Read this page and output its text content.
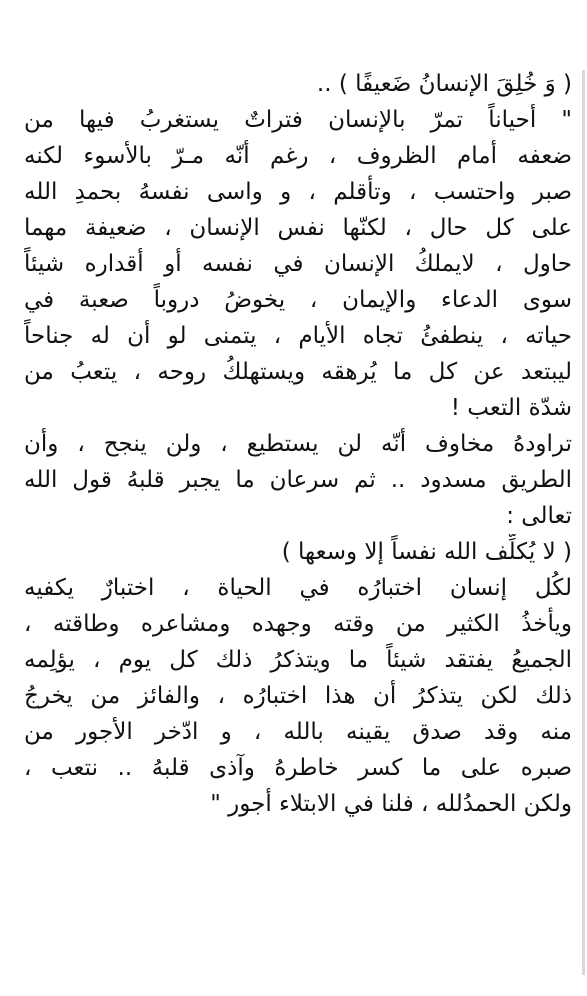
( وَ خُلِقَ الإنسانُ ضَعيفًا ) ..
" أحياناً تمرّ بالإنسان فتراتٌ يستغربُ فيها من
ضعفه أمام الظروف ، رغم أنّه مـرّ بالأسوء لكنه
صبر واحتسب ، وتأقلم ، و واسى نفسهُ بحمدِ الله
على كل حال ، لكنّها نفس الإنسان ، ضعيفة مهما
حاول ، لايملكُ الإنسان في نفسه أو أقداره شيئاً
سوى الدعاء والإيمان ، يخوضُ دروباً صعبة في
حياته ، ينطفئُ تجاه الأيام ، يتمنى لو أن له جناحاً
ليبتعد عن كل ما يُرهقه ويستهلكُ روحه ، يتعبُ من
شدّة التعب !
تراودهُ مخاوف أنّه لن يستطيع ، ولن ينجح ، وأن
الطريق مسدود .. ثم سرعان ما يجبر قلبهُ قول الله
تعالى :
( لا يُكلِّف الله نفساً إلا وسعها )
لكُل إنسان اختبارُه في الحياة ، اختبارٌ يكفيه
ويأخذُ الكثير من وقته وجهده ومشاعره وطاقته ،
الجميعُ يفتقد شيئاً ما ويتذكرُ ذلك كل يوم ، يؤلِمه
ذلك لكن يتذكرُ أن هذا اختبارُه ، والفائز من يخرجُ
منه وقد صدق يقينه بالله ، و ادّخر الأجور من
صبره على ما كسر خاطرهُ وآذى قلبهُ .. نتعب ،
ولكن الحمدُلله ، فلنا في الابتلاء أجور "
